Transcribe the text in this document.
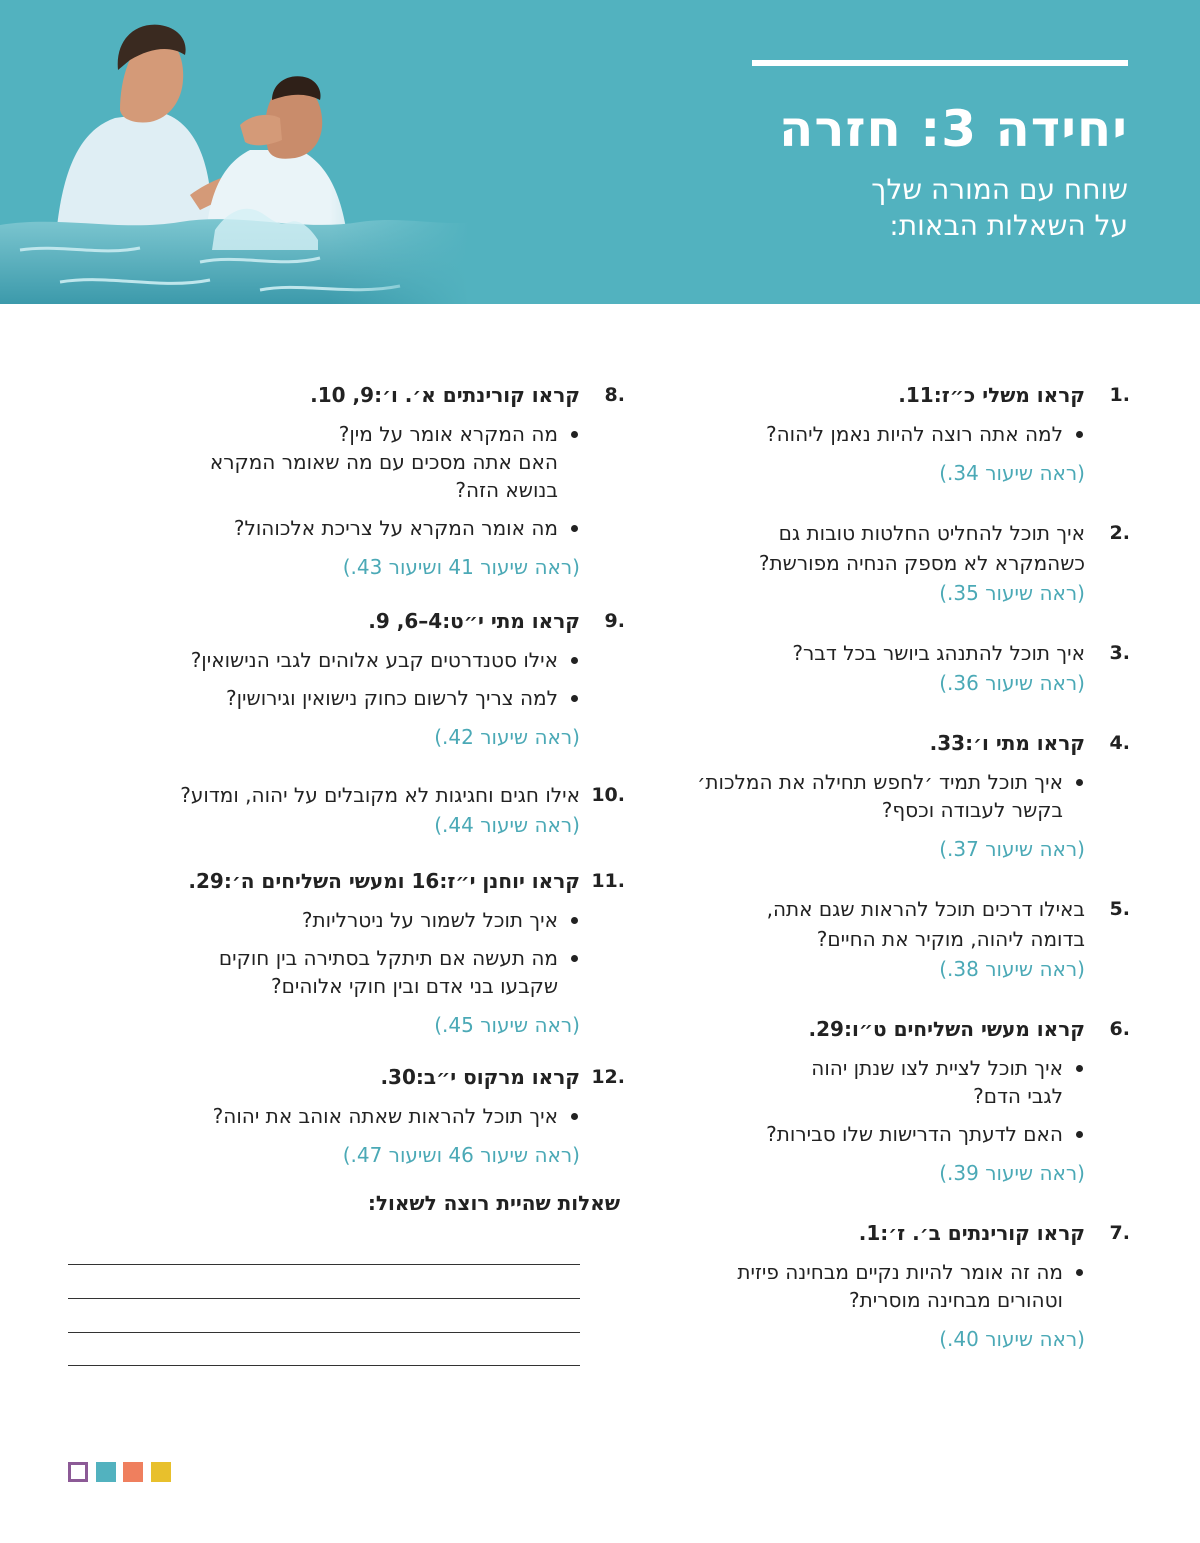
יחידה 3: חזרה
שוחח עם המורה שלך
על השאלות הבאות:
1.
קראו משלי כ״ז:11.
למה אתה רוצה להיות נאמן ליהוה?
(ראה שיעור 34.)
2.
איך תוכל להחליט החלטות טובות גם
כשהמקרא לא מספק הנחיה מפורשת?
(ראה שיעור 35.)
3.
איך תוכל להתנהג ביושר בכל דבר?
(ראה שיעור 36.)
4.
קראו מתי ו׳:33.
איך תוכל תמיד ׳לחפש תחילה את המלכות׳
בקשר לעבודה וכסף?
(ראה שיעור 37.)
5.
באילו דרכים תוכל להראות שגם אתה,
בדומה ליהוה, מוקיר את החיים?
(ראה שיעור 38.)
6.
קראו מעשי השליחים ט״ו:29.
איך תוכל לציית לצו שנתן יהוה
לגבי הדם?
האם לדעתך הדרישות שלו סבירות?
(ראה שיעור 39.)
7.
קראו קורינתים ב׳. ז׳:1.
מה זה אומר להיות נקיים מבחינה פיזית
וטהורים מבחינה מוסרית?
(ראה שיעור 40.)
8.
קראו קורינתים א׳. ו׳:9, 10.
מה המקרא אומר על מין?
האם אתה מסכים עם מה שאומר המקרא
בנושא הזה?
מה אומר המקרא על צריכת אלכוהול?
(ראה שיעור 41 ושיעור 43.)
9.
קראו מתי י״ט:4–6, 9.
אילו סטנדרטים קבע אלוהים לגבי הנישואין?
למה צריך לרשום כחוק נישואין וגירושין?
(ראה שיעור 42.)
10.
אילו חגים וחגיגות לא מקובלים על יהוה, ומדוע?
(ראה שיעור 44.)
11.
קראו יוחנן י״ז:16 ומעשי השליחים ה׳:29.
איך תוכל לשמור על ניטרליות?
מה תעשה אם תיתקל בסתירה בין חוקים
שקבעו בני אדם ובין חוקי אלוהים?
(ראה שיעור 45.)
12.
קראו מרקוס י״ב:30.
איך תוכל להראות שאתה אוהב את יהוה?
(ראה שיעור 46 ושיעור 47.)
שאלות שהיית רוצה לשאול:
